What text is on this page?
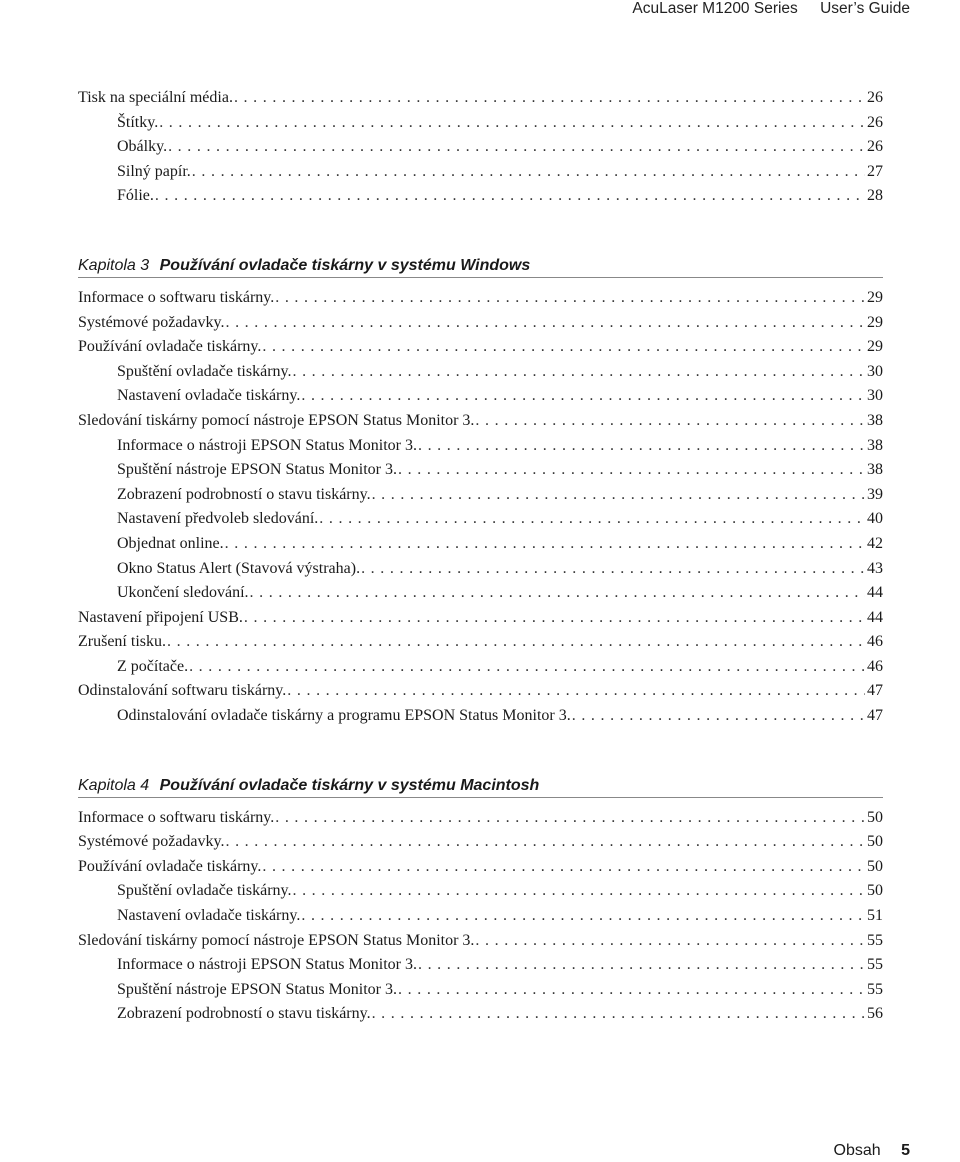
AcuLaser M1200 Series User’s Guide
Tisk na speciální média. .....	26
Štítky. .....	26
Obálky. .....	26
Silný papír. .....	27
Fólie. .....	28
Kapitola 3 Používání ovladače tiskárny v systému Windows
Informace o softwaru tiskárny. .....	29
Systémové požadavky. .....	29
Používání ovladače tiskárny. .....	29
Spuštění ovladače tiskárny. .....	30
Nastavení ovladače tiskárny. .....	30
Sledování tiskárny pomocí nástroje EPSON Status Monitor 3. .....	38
Informace o nástroji EPSON Status Monitor 3. .....	38
Spuštění nástroje EPSON Status Monitor 3. .....	38
Zobrazení podrobností o stavu tiskárny. .....	39
Nastavení předvoleb sledování. .....	40
Objednat online. .....	42
Okno Status Alert (Stavová výstraha). .....	43
Ukončení sledování. .....	44
Nastavení připojení USB. .....	44
Zrušení tisku. .....	46
Z počítače. .....	46
Odinstalování softwaru tiskárny. .....	47
Odinstalování ovladače tiskárny a programu EPSON Status Monitor 3. .....	47
Kapitola 4 Používání ovladače tiskárny v systému Macintosh
Informace o softwaru tiskárny. .....	50
Systémové požadavky. .....	50
Používání ovladače tiskárny. .....	50
Spuštění ovladače tiskárny. .....	50
Nastavení ovladače tiskárny. .....	51
Sledování tiskárny pomocí nástroje EPSON Status Monitor 3. .....	55
Informace o nástroji EPSON Status Monitor 3. .....	55
Spuštění nástroje EPSON Status Monitor 3. .....	55
Zobrazení podrobností o stavu tiskárny. .....	56
Obsah 5
